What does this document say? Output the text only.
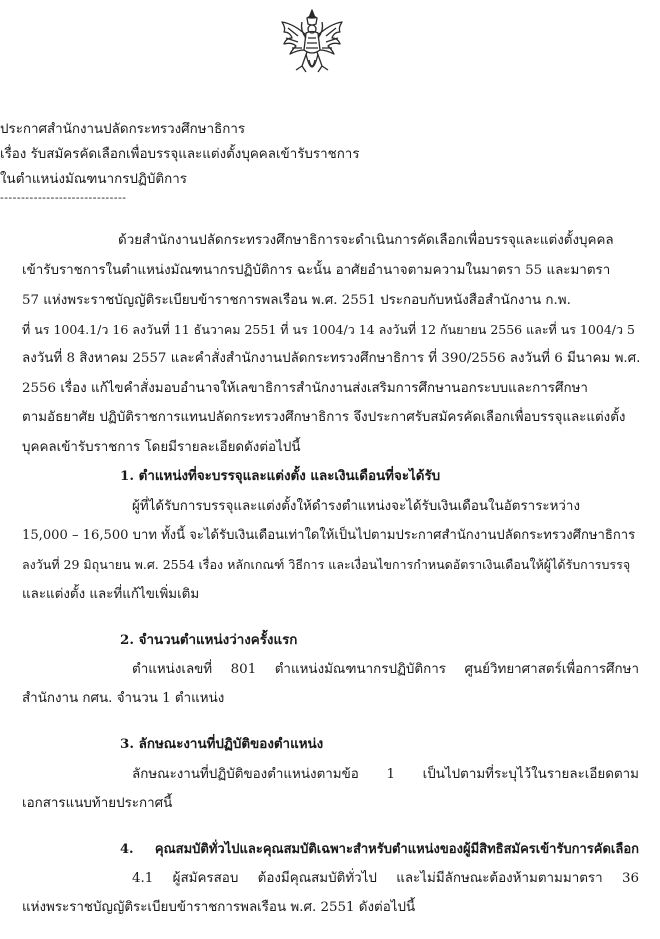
ประกาศสำนักงานปลัดกระทรวงศึกษาธิการ
เรื่อง รับสมัครคัดเลือกเพื่อบรรจุและแต่งตั้งบุคคลเข้ารับราชการ
ในตำแหน่งมัณฑนากรปฏิบัติการ
------------------------------
ด้วยสำนักงานปลัดกระทรวงศึกษาธิการจะดำเนินการคัดเลือกเพื่อบรรจุและแต่งตั้งบุคคล
เข้ารับราชการในตำแหน่งมัณฑนากรปฏิบัติการ ฉะนั้น อาศัยอำนาจตามความในมาตรา 55 และมาตรา
57 แห่งพระราชบัญญัติระเบียบข้าราชการพลเรือน พ.ศ. 2551 ประกอบกับหนังสือสำนักงาน ก.พ.
ที่ นร 1004.1/ว 16 ลงวันที่ 11 ธันวาคม 2551 ที่ นร 1004/ว 14 ลงวันที่ 12 กันยายน 2556 และที่ นร 1004/ว 5
ลงวันที่ 8 สิงหาคม 2557 และคำสั่งสำนักงานปลัดกระทรวงศึกษาธิการ ที่ 390/2556 ลงวันที่ 6 มีนาคม พ.ศ.
2556 เรื่อง แก้ไขคำสั่งมอบอำนาจให้เลขาธิการสำนักงานส่งเสริมการศึกษานอกระบบและการศึกษา
ตามอัธยาศัย ปฏิบัติราชการแทนปลัดกระทรวงศึกษาธิการ จึงประกาศรับสมัครคัดเลือกเพื่อบรรจุและแต่งตั้ง
บุคคลเข้ารับราชการ โดยมีรายละเอียดดังต่อไปนี้
1. ตำแหน่งที่จะบรรจุและแต่งตั้ง และเงินเดือนที่จะได้รับ
ผู้ที่ได้รับการบรรจุและแต่งตั้งให้ดำรงตำแหน่งจะได้รับเงินเดือนในอัตราระหว่าง
15,000 – 16,500 บาท ทั้งนี้ จะได้รับเงินเดือนเท่าใดให้เป็นไปตามประกาศสำนักงานปลัดกระทรวงศึกษาธิการ
ลงวันที่ 29 มิถุนายน พ.ศ. 2554 เรื่อง หลักเกณฑ์ วิธีการ และเงื่อนไขการกำหนดอัตราเงินเดือนให้ผู้ได้รับการบรรจุ
และแต่งตั้ง และที่แก้ไขเพิ่มเติม
2. จำนวนตำแหน่งว่างครั้งแรก
ตำแหน่งเลขที่ 801 ตำแหน่งมัณฑนากรปฏิบัติการ ศูนย์วิทยาศาสตร์เพื่อการศึกษา
สำนักงาน กศน. จำนวน 1 ตำแหน่ง
3. ลักษณะงานที่ปฏิบัติของตำแหน่ง
ลักษณะงานที่ปฏิบัติของตำแหน่งตามข้อ 1 เป็นไปตามที่ระบุไว้ในรายละเอียดตาม
เอกสารแนบท้ายประกาศนี้
4. คุณสมบัติทั่วไปและคุณสมบัติเฉพาะสำหรับตำแหน่งของผู้มีสิทธิสมัครเข้ารับการคัดเลือก
4.1 ผู้สมัครสอบ ต้องมีคุณสมบัติทั่วไป และไม่มีลักษณะต้องห้ามตามมาตรา 36
แห่งพระราชบัญญัติระเบียบข้าราชการพลเรือน พ.ศ. 2551 ดังต่อไปนี้
